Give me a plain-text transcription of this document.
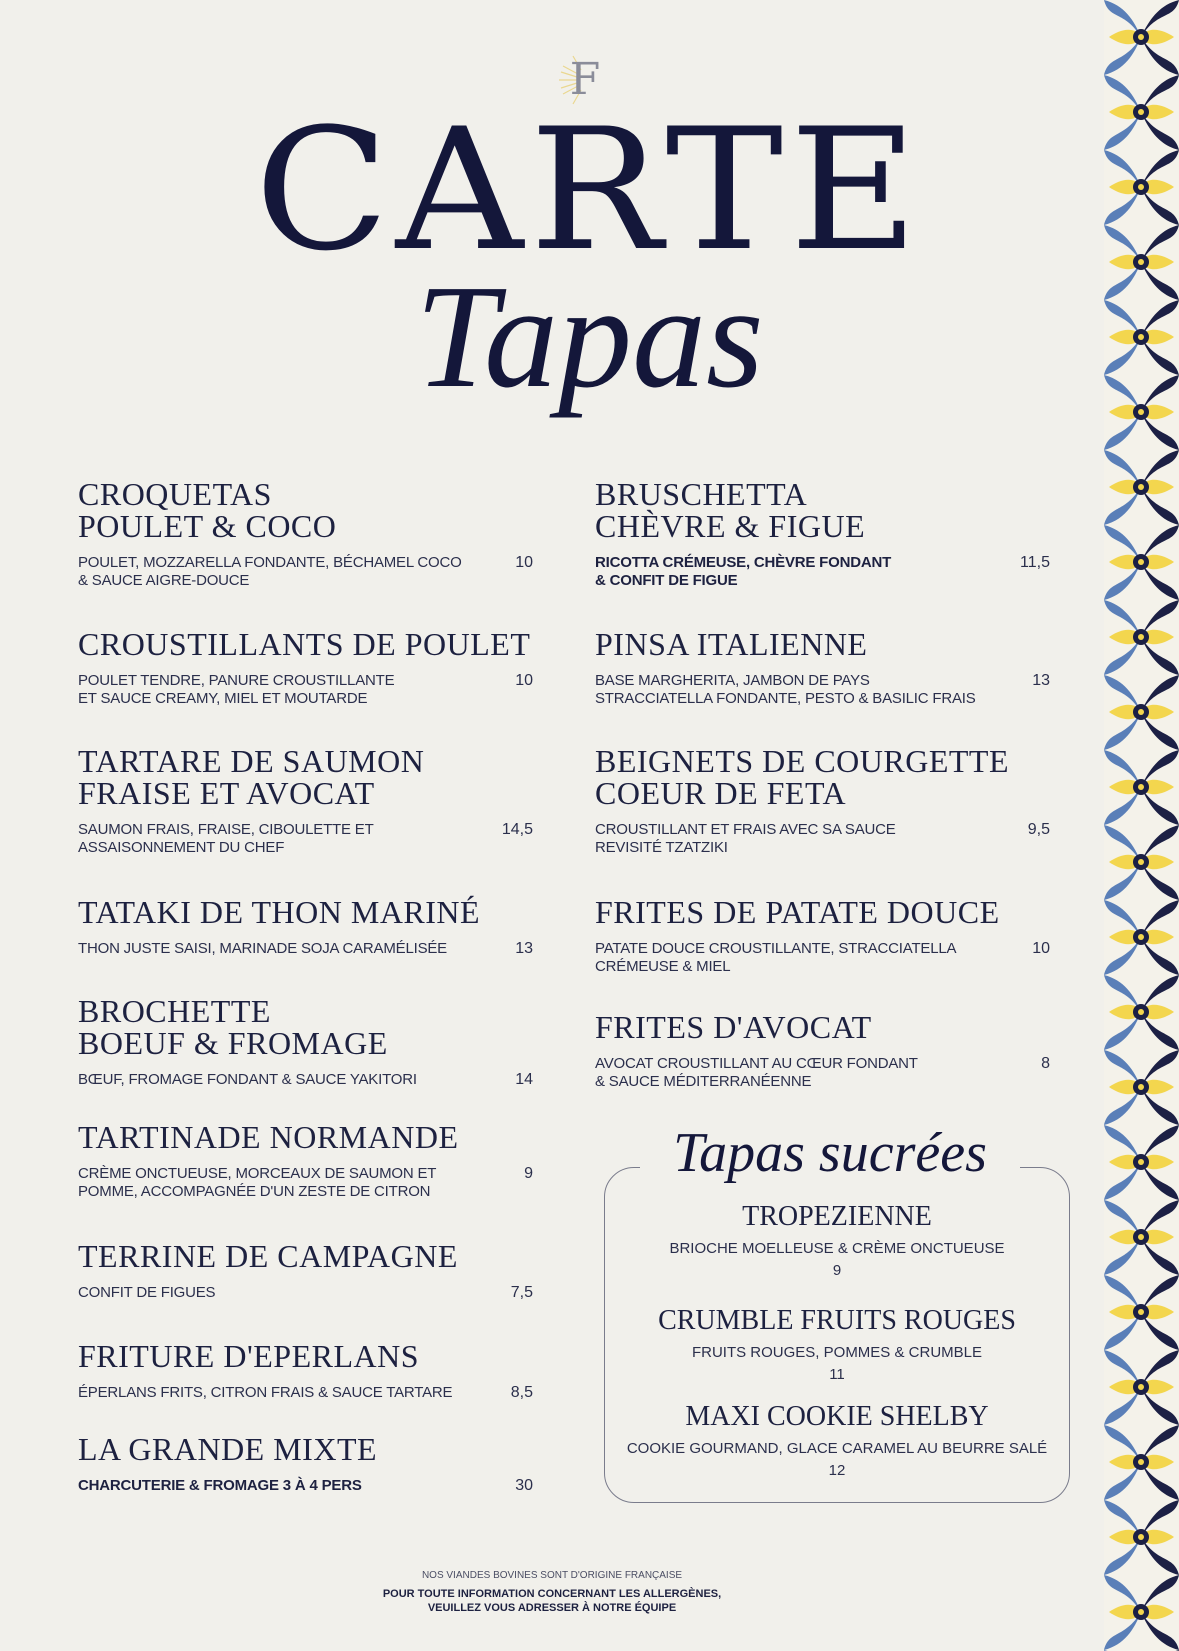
F
CARTE
Tapas
CROQUETAS
POULET & COCO
POULET, MOZZARELLA FONDANTE, BÉCHAMEL COCO
& SAUCE AIGRE-DOUCE
10
CROUSTILLANTS DE POULET
POULET TENDRE, PANURE CROUSTILLANTE
ET SAUCE CREAMY, MIEL ET MOUTARDE
10
TARTARE DE SAUMON
FRAISE ET AVOCAT
SAUMON FRAIS, FRAISE, CIBOULETTE ET
ASSAISONNEMENT DU CHEF
14,5
TATAKI DE THON MARINÉ
THON JUSTE SAISI, MARINADE SOJA CARAMÉLISÉE	13
BROCHETTE
BOEUF & FROMAGE
BŒUF, FROMAGE FONDANT & SAUCE YAKITORI	14
TARTINADE NORMANDE
CRÈME ONCTUEUSE, MORCEAUX DE SAUMON ET
POMME, ACCOMPAGNÉE D'UN ZESTE DE CITRON
9
TERRINE DE CAMPAGNE
CONFIT DE FIGUES	7,5
FRITURE D'EPERLANS
ÉPERLANS FRITS, CITRON FRAIS & SAUCE TARTARE	8,5
LA GRANDE MIXTE
CHARCUTERIE & FROMAGE 3 À 4 PERS	30
BRUSCHETTA
CHÈVRE & FIGUE
RICOTTA CRÉMEUSE, CHÈVRE FONDANT
& CONFIT DE FIGUE
11,5
PINSA ITALIENNE
BASE MARGHERITA, JAMBON DE PAYS
STRACCIATELLA FONDANTE, PESTO & BASILIC FRAIS
13
BEIGNETS DE COURGETTE
COEUR DE FETA
CROUSTILLANT ET FRAIS AVEC SA SAUCE
REVISITÉ TZATZIKI
9,5
FRITES DE PATATE DOUCE
PATATE DOUCE CROUSTILLANTE, STRACCIATELLA
CRÉMEUSE & MIEL
10
FRITES D'AVOCAT
AVOCAT CROUSTILLANT AU CŒUR FONDANT
& SAUCE MÉDITERRANÉENNE
8
Tapas sucrées
TROPEZIENNE
BRIOCHE MOELLEUSE & CRÈME ONCTUEUSE
9
CRUMBLE FRUITS ROUGES
FRUITS ROUGES, POMMES & CRUMBLE
11
MAXI COOKIE SHELBY
COOKIE GOURMAND, GLACE CARAMEL AU BEURRE SALÉ
12
NOS VIANDES BOVINES SONT D'ORIGINE FRANÇAISE
POUR TOUTE INFORMATION CONCERNANT LES ALLERGÈNES,
VEUILLEZ VOUS ADRESSER À NOTRE ÉQUIPE
